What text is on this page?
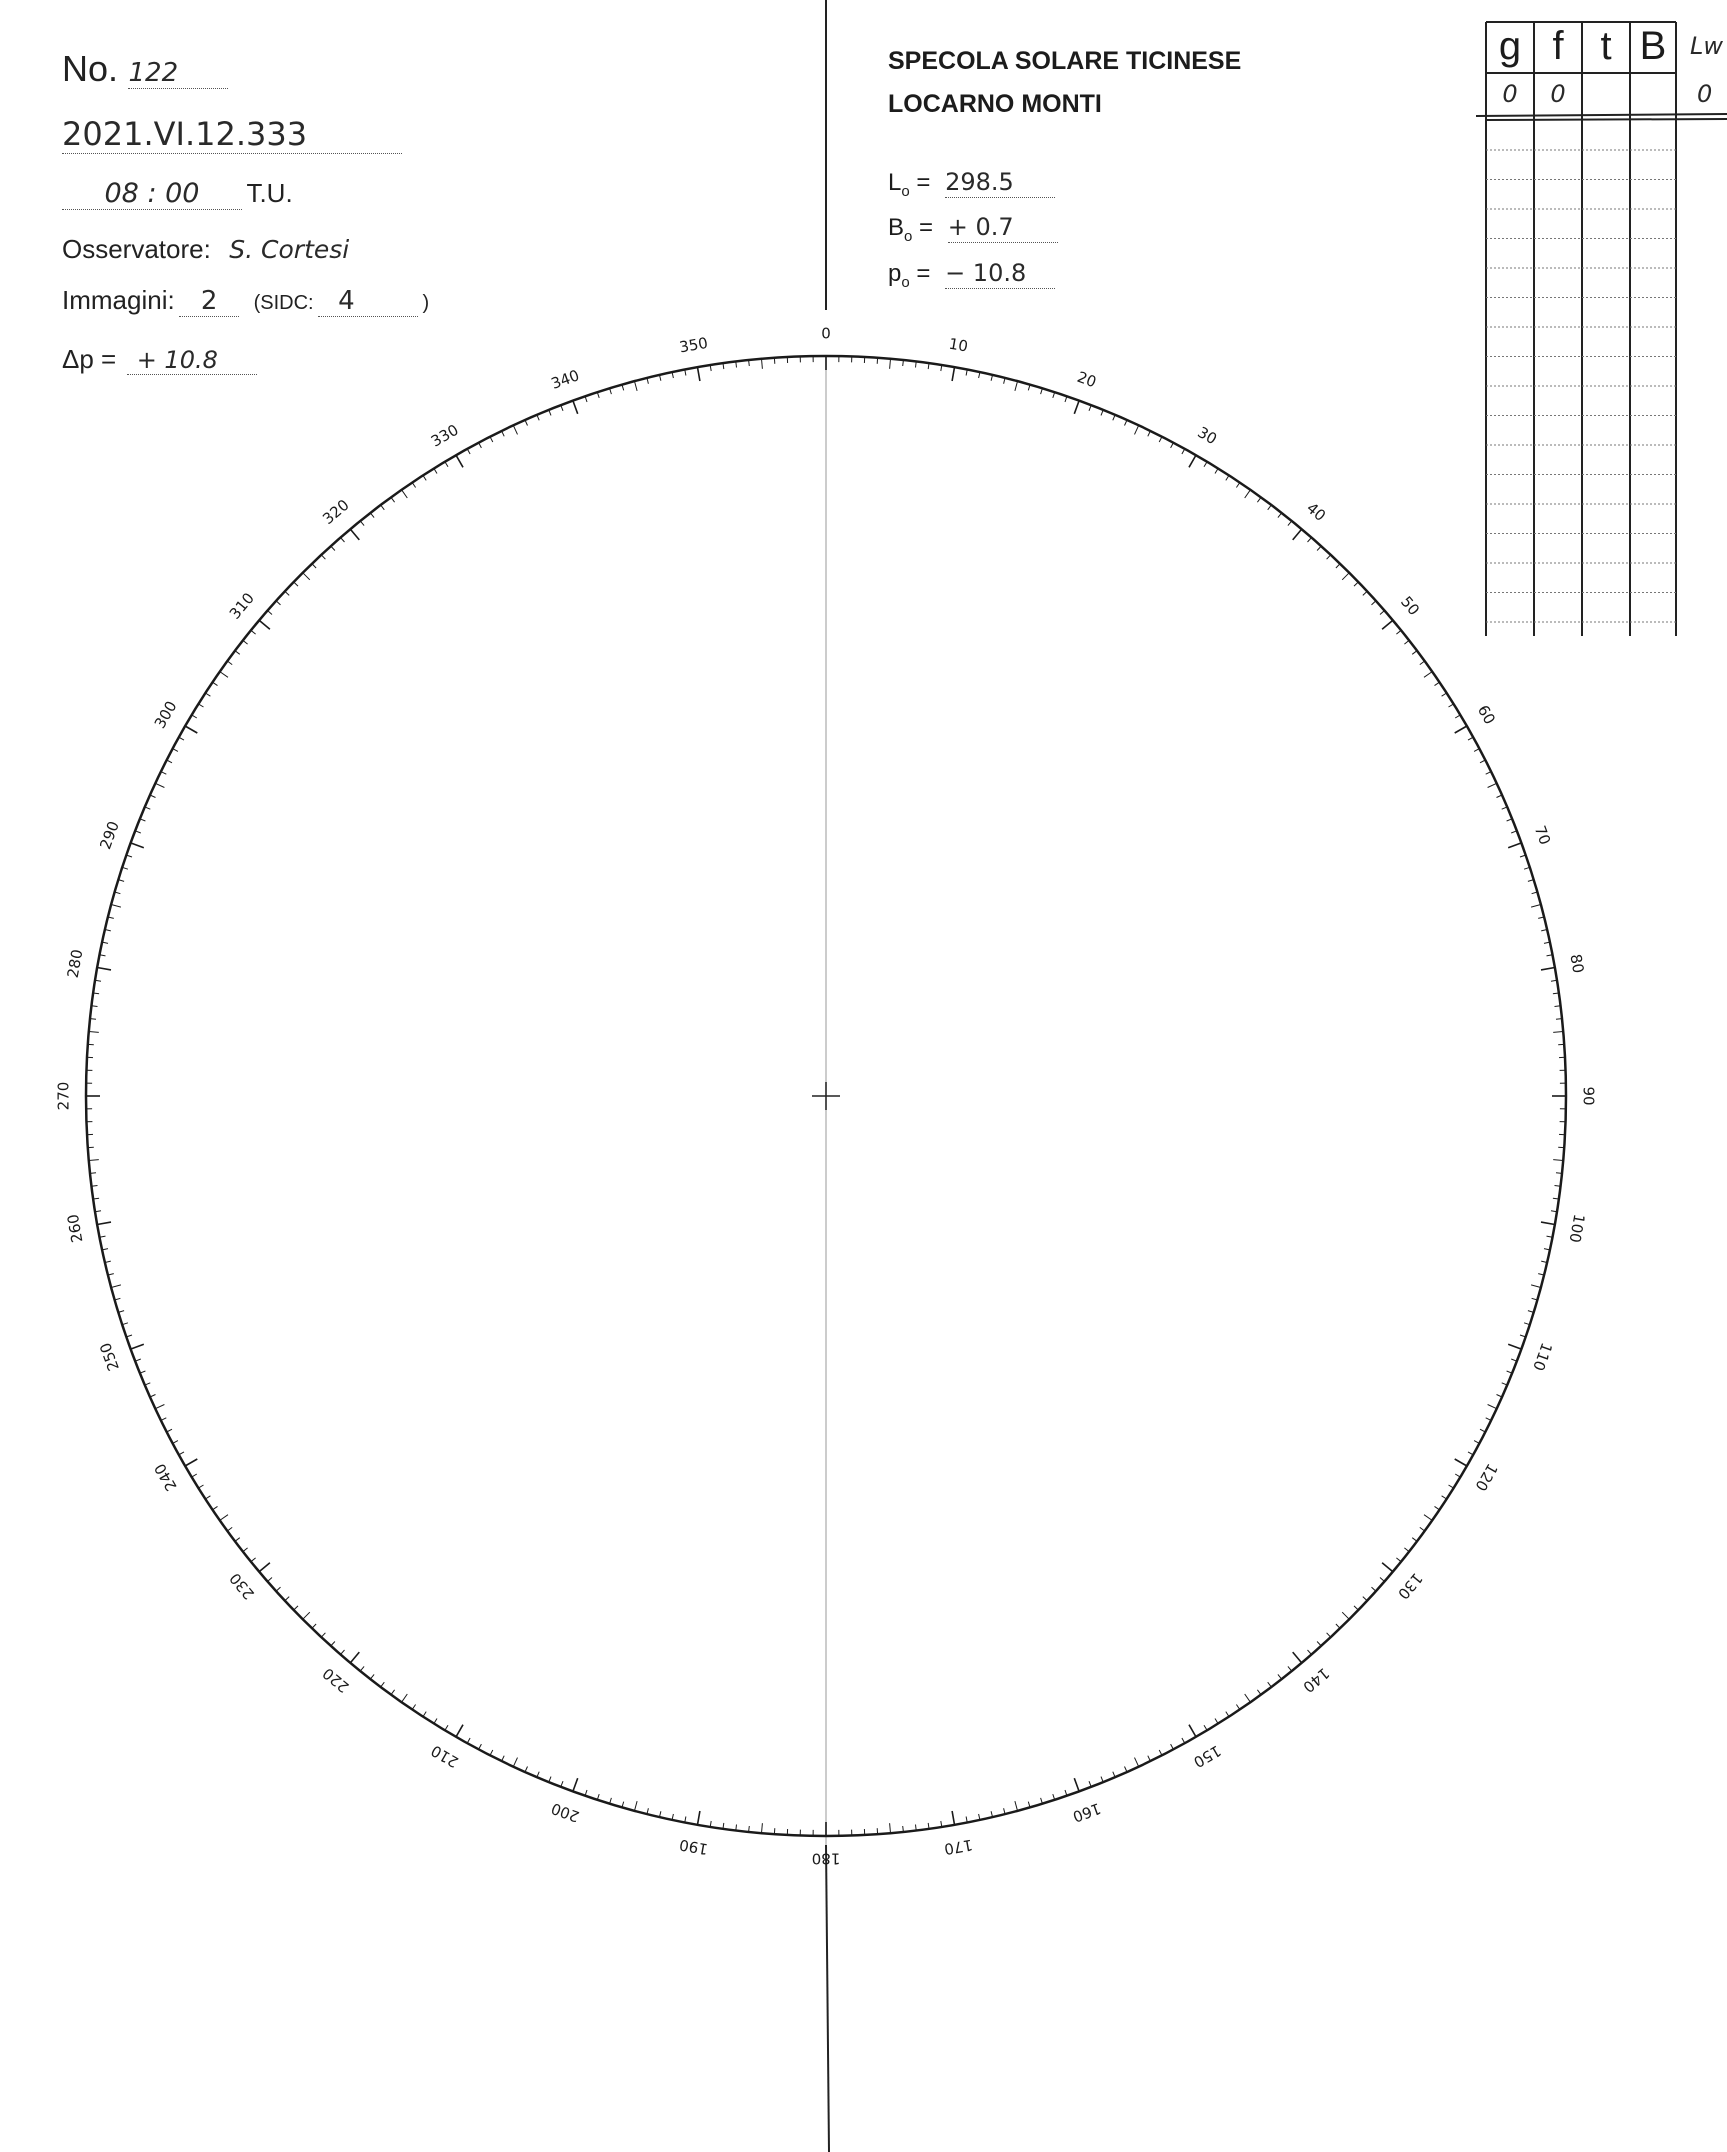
No. 122
2021.VI.12.333
08 : 00 T.U.
Osservatore: S. Cortesi
Immagini: 2 (SIDC: 4	)
Δp = + 10.8
SPECOLA SOLARE TICINESE
LOCARNO MONTI
$L_o = 298.5$
$B_o$ = + 0.7
$p_o$ = − 10.8
g f t B
0	0
Lw
0
0
10
20
30
40
50
60
70
80
90
100
110
120
130
140
150
160
170
180
190
200
210
220
230
240
250
260
270
280
290
300
310
320
330
340
350
